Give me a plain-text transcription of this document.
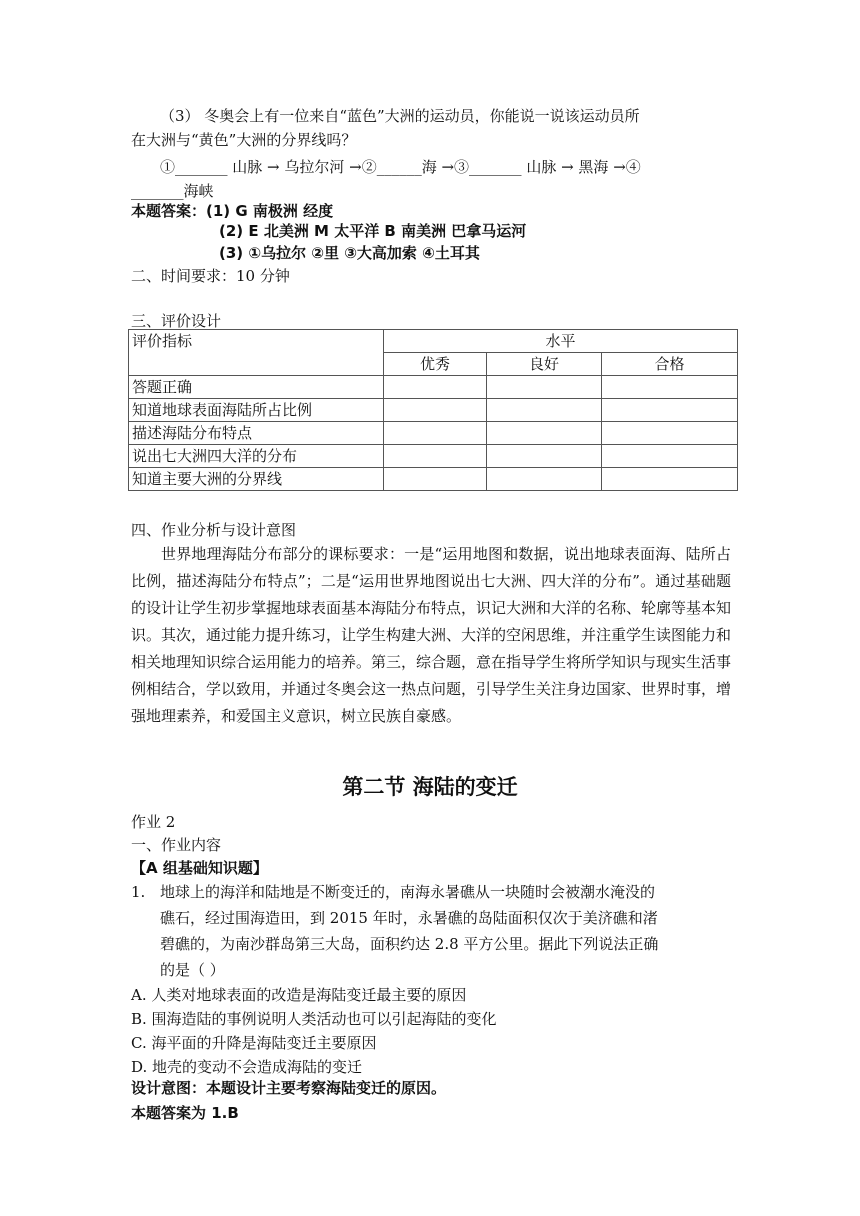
（3） 冬奥会上有一位来自“蓝色”大洲的运动员，你能说一说该运动员所
在大洲与“黄色”大洲的分界线吗？
①_______ 山脉 → 乌拉尔河 →②______海 →③_______ 山脉 → 黑海 →④
_______海峡
本题答案：(1) G 南极洲 经度
(2) E 北美洲 M 太平洋 B 南美洲 巴拿马运河
(3) ①乌拉尔 ②里 ③大高加索 ④土耳其
二、时间要求：10 分钟
三、评价设计
评价指标	水平		
	优秀	良好	合格
答题正确			
知道地球表面海陆所占比例			
描述海陆分布特点			
说出七大洲四大洋的分布			
知道主要大洲的分界线			
四、作业分析与设计意图
世界地理海陆分布部分的课标要求：一是“运用地图和数据，说出地球表面海、陆所占比例，描述海陆分布特点”；二是“运用世界地图说出七大洲、四大洋的分布”。通过基础题的设计让学生初步掌握地球表面基本海陆分布特点，识记大洲和大洋的名称、轮廓等基本知识。其次，通过能力提升练习，让学生构建大洲、大洋的空闲思维，并注重学生读图能力和相关地理知识综合运用能力的培养。第三，综合题，意在指导学生将所学知识与现实生活事例相结合，学以致用，并通过冬奥会这一热点问题，引导学生关注身边国家、世界时事，增强地理素养，和爱国主义意识，树立民族自豪感。
第二节 海陆的变迁
作业 2
一、作业内容
【A 组基础知识题】
1. 地球上的海洋和陆地是不断变迁的，南海永暑礁从一块随时会被潮水淹没的
礁石，经过围海造田，到 2015 年时，永暑礁的岛陆面积仅次于美济礁和渚
碧礁的，为南沙群岛第三大岛，面积约达 2.8 平方公里。据此下列说法正确
的是（ ）
A. 人类对地球表面的改造是海陆变迁最主要的原因
B. 围海造陆的事例说明人类活动也可以引起海陆的变化
C. 海平面的升降是海陆变迁主要原因
D. 地壳的变动不会造成海陆的变迁
设计意图：本题设计主要考察海陆变迁的原因。
本题答案为 1.B
